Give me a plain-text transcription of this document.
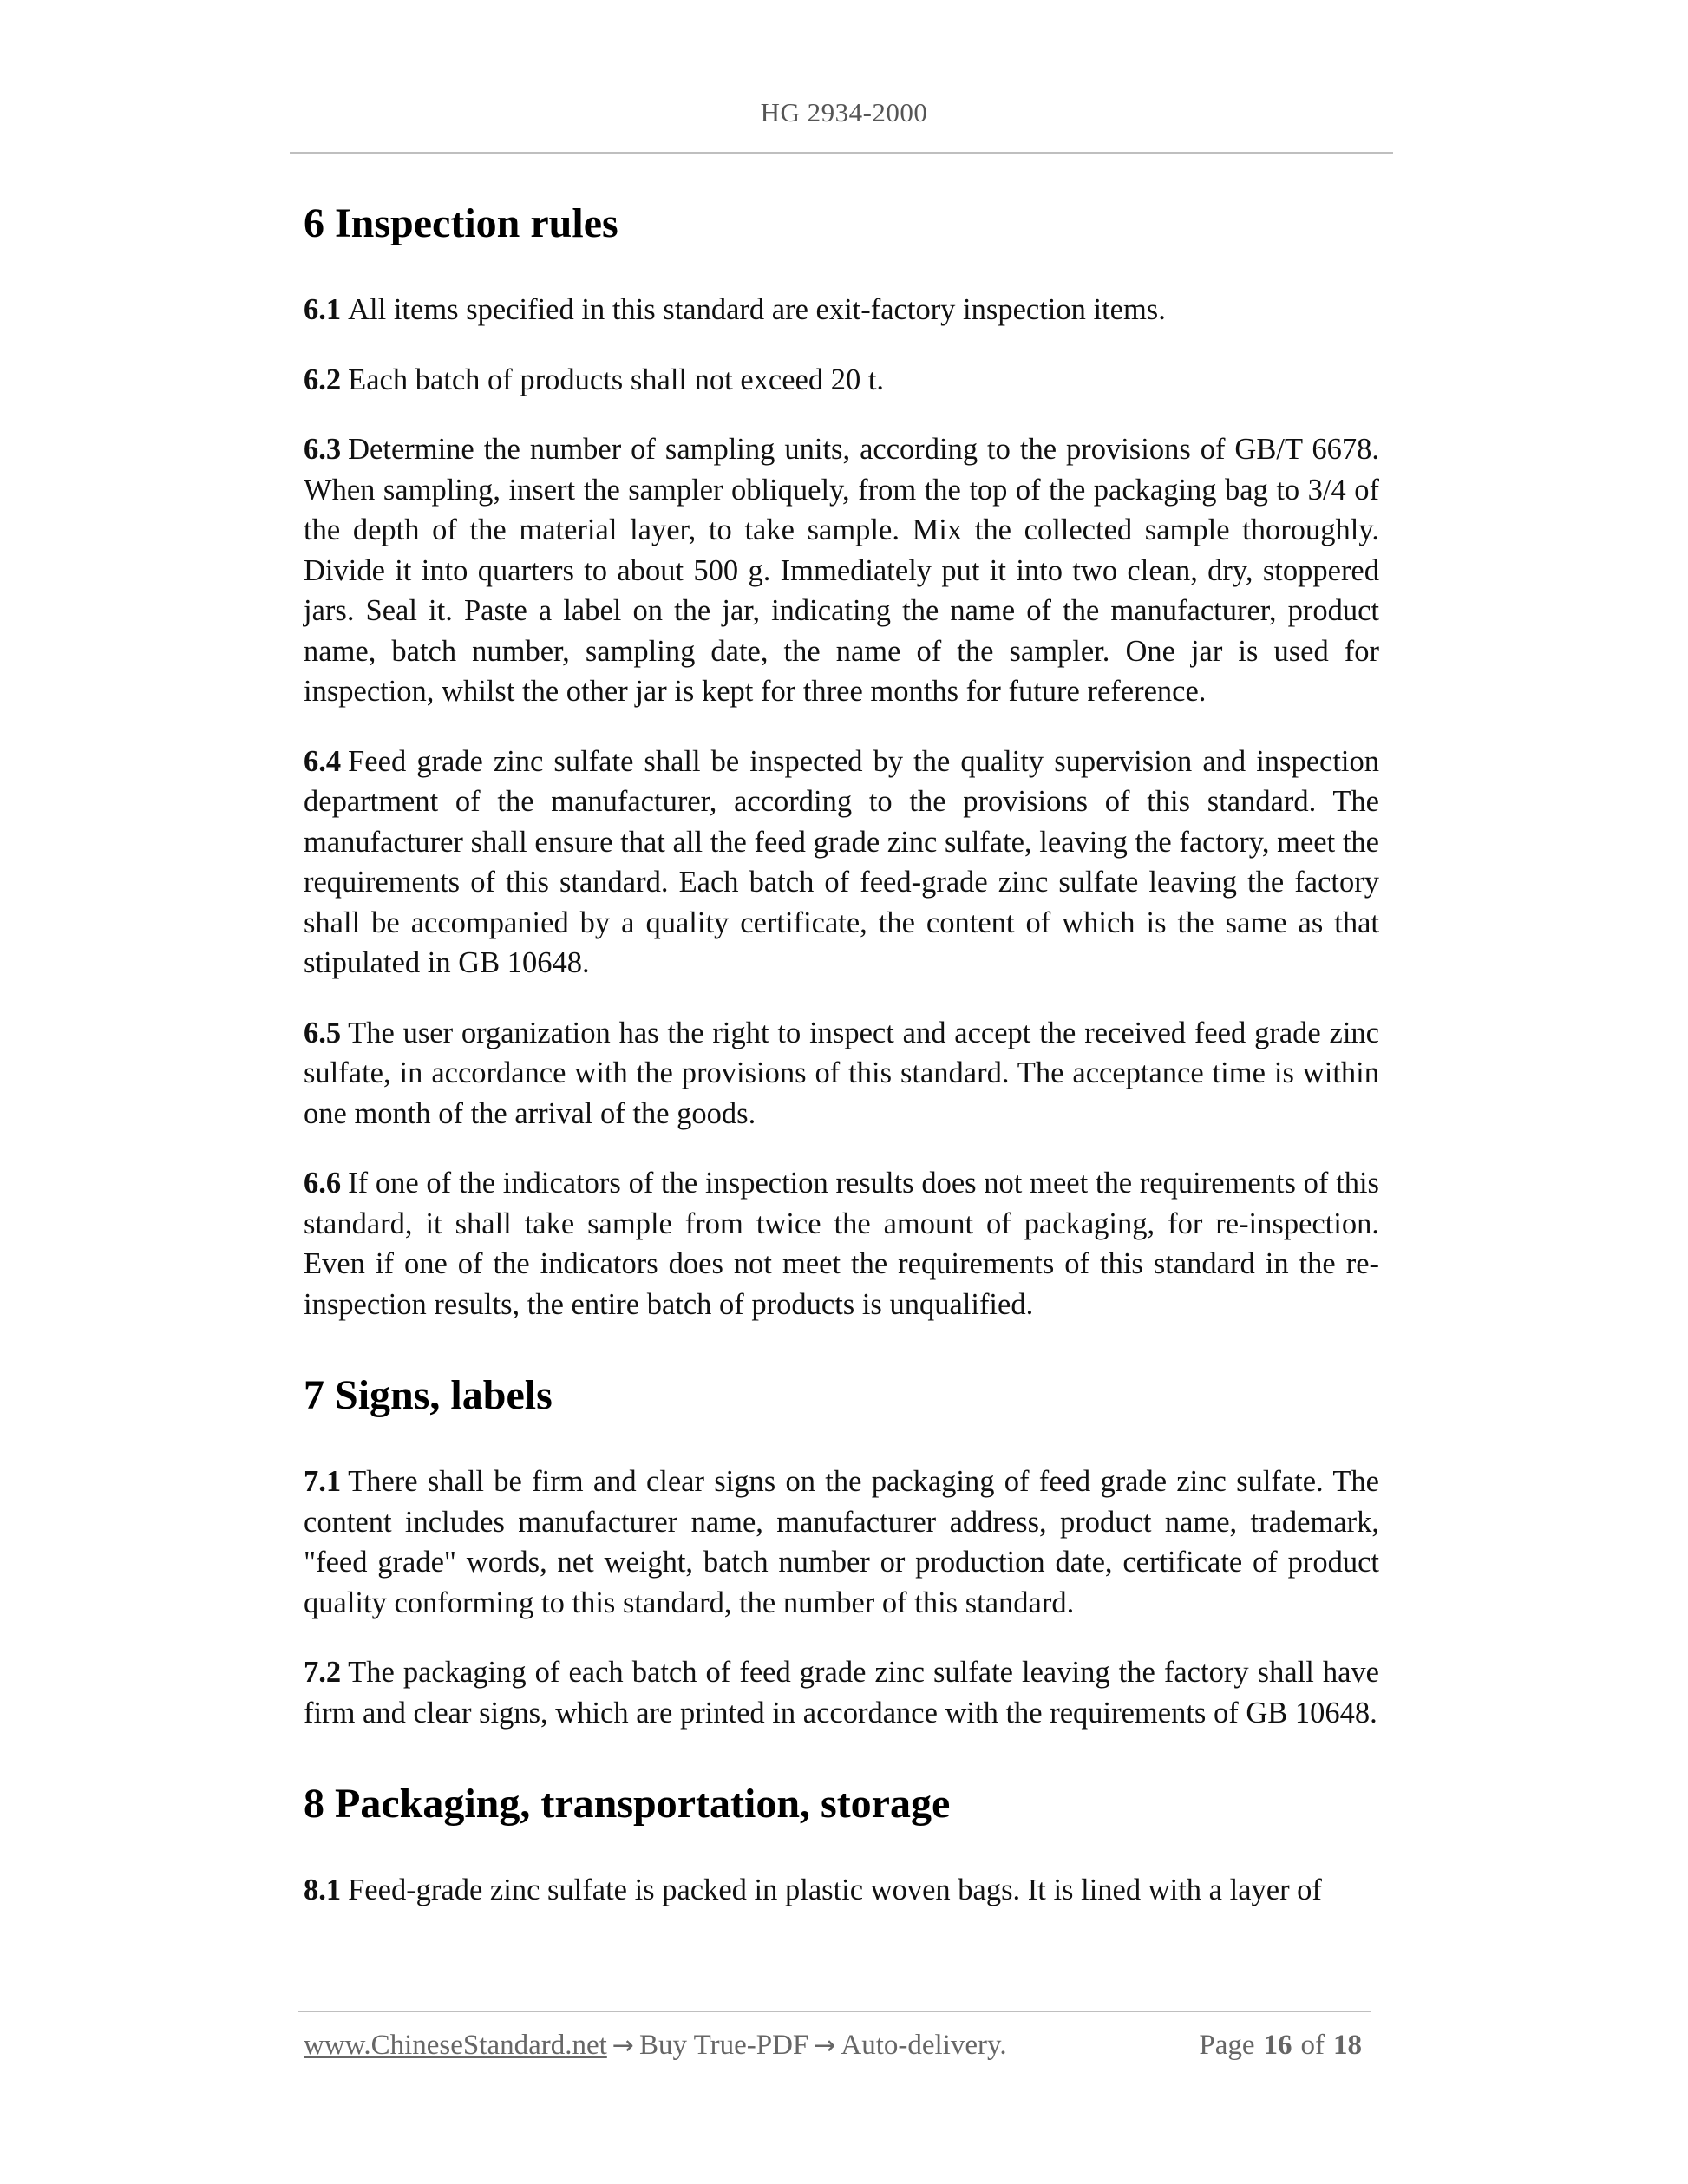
HG 2934-2000
6 Inspection rules

6.1 All items specified in this standard are exit-factory inspection items.

6.2 Each batch of products shall not exceed 20 t.

6.3 Determine the number of sampling units, according to the provisions of GB/T 6678. When sampling, insert the sampler obliquely, from the top of the packaging bag to 3/4 of the depth of the material layer, to take sample. Mix the collected sample thoroughly. Divide it into quarters to about 500 g. Immediately put it into two clean, dry, stoppered jars. Seal it. Paste a label on the jar, indicating the name of the manufacturer, product name, batch number, sampling date, the name of the sampler. One jar is used for inspection, whilst the other jar is kept for three months for future reference.

6.4 Feed grade zinc sulfate shall be inspected by the quality supervision and inspection department of the manufacturer, according to the provisions of this standard. The manufacturer shall ensure that all the feed grade zinc sulfate, leaving the factory, meet the requirements of this standard. Each batch of feed-grade zinc sulfate leaving the factory shall be accompanied by a quality certificate, the content of which is the same as that stipulated in GB 10648.

6.5 The user organization has the right to inspect and accept the received feed grade zinc sulfate, in accordance with the provisions of this standard. The acceptance time is within one month of the arrival of the goods.

6.6 If one of the indicators of the inspection results does not meet the requirements of this standard, it shall take sample from twice the amount of packaging, for re-inspection. Even if one of the indicators does not meet the requirements of this standard in the re-inspection results, the entire batch of products is unqualified.

7 Signs, labels

7.1 There shall be firm and clear signs on the packaging of feed grade zinc sulfate. The content includes manufacturer name, manufacturer address, product name, trademark, "feed grade" words, net weight, batch number or production date, certificate of product quality conforming to this standard, the number of this standard.

7.2 The packaging of each batch of feed grade zinc sulfate leaving the factory shall have firm and clear signs, which are printed in accordance with the requirements of GB 10648.

8 Packaging, transportation, storage

8.1 Feed-grade zinc sulfate is packed in plastic woven bags. It is lined with a layer of

www.ChineseStandard.net → Buy True-PDF → Auto-delivery.	Page 16 of 18
